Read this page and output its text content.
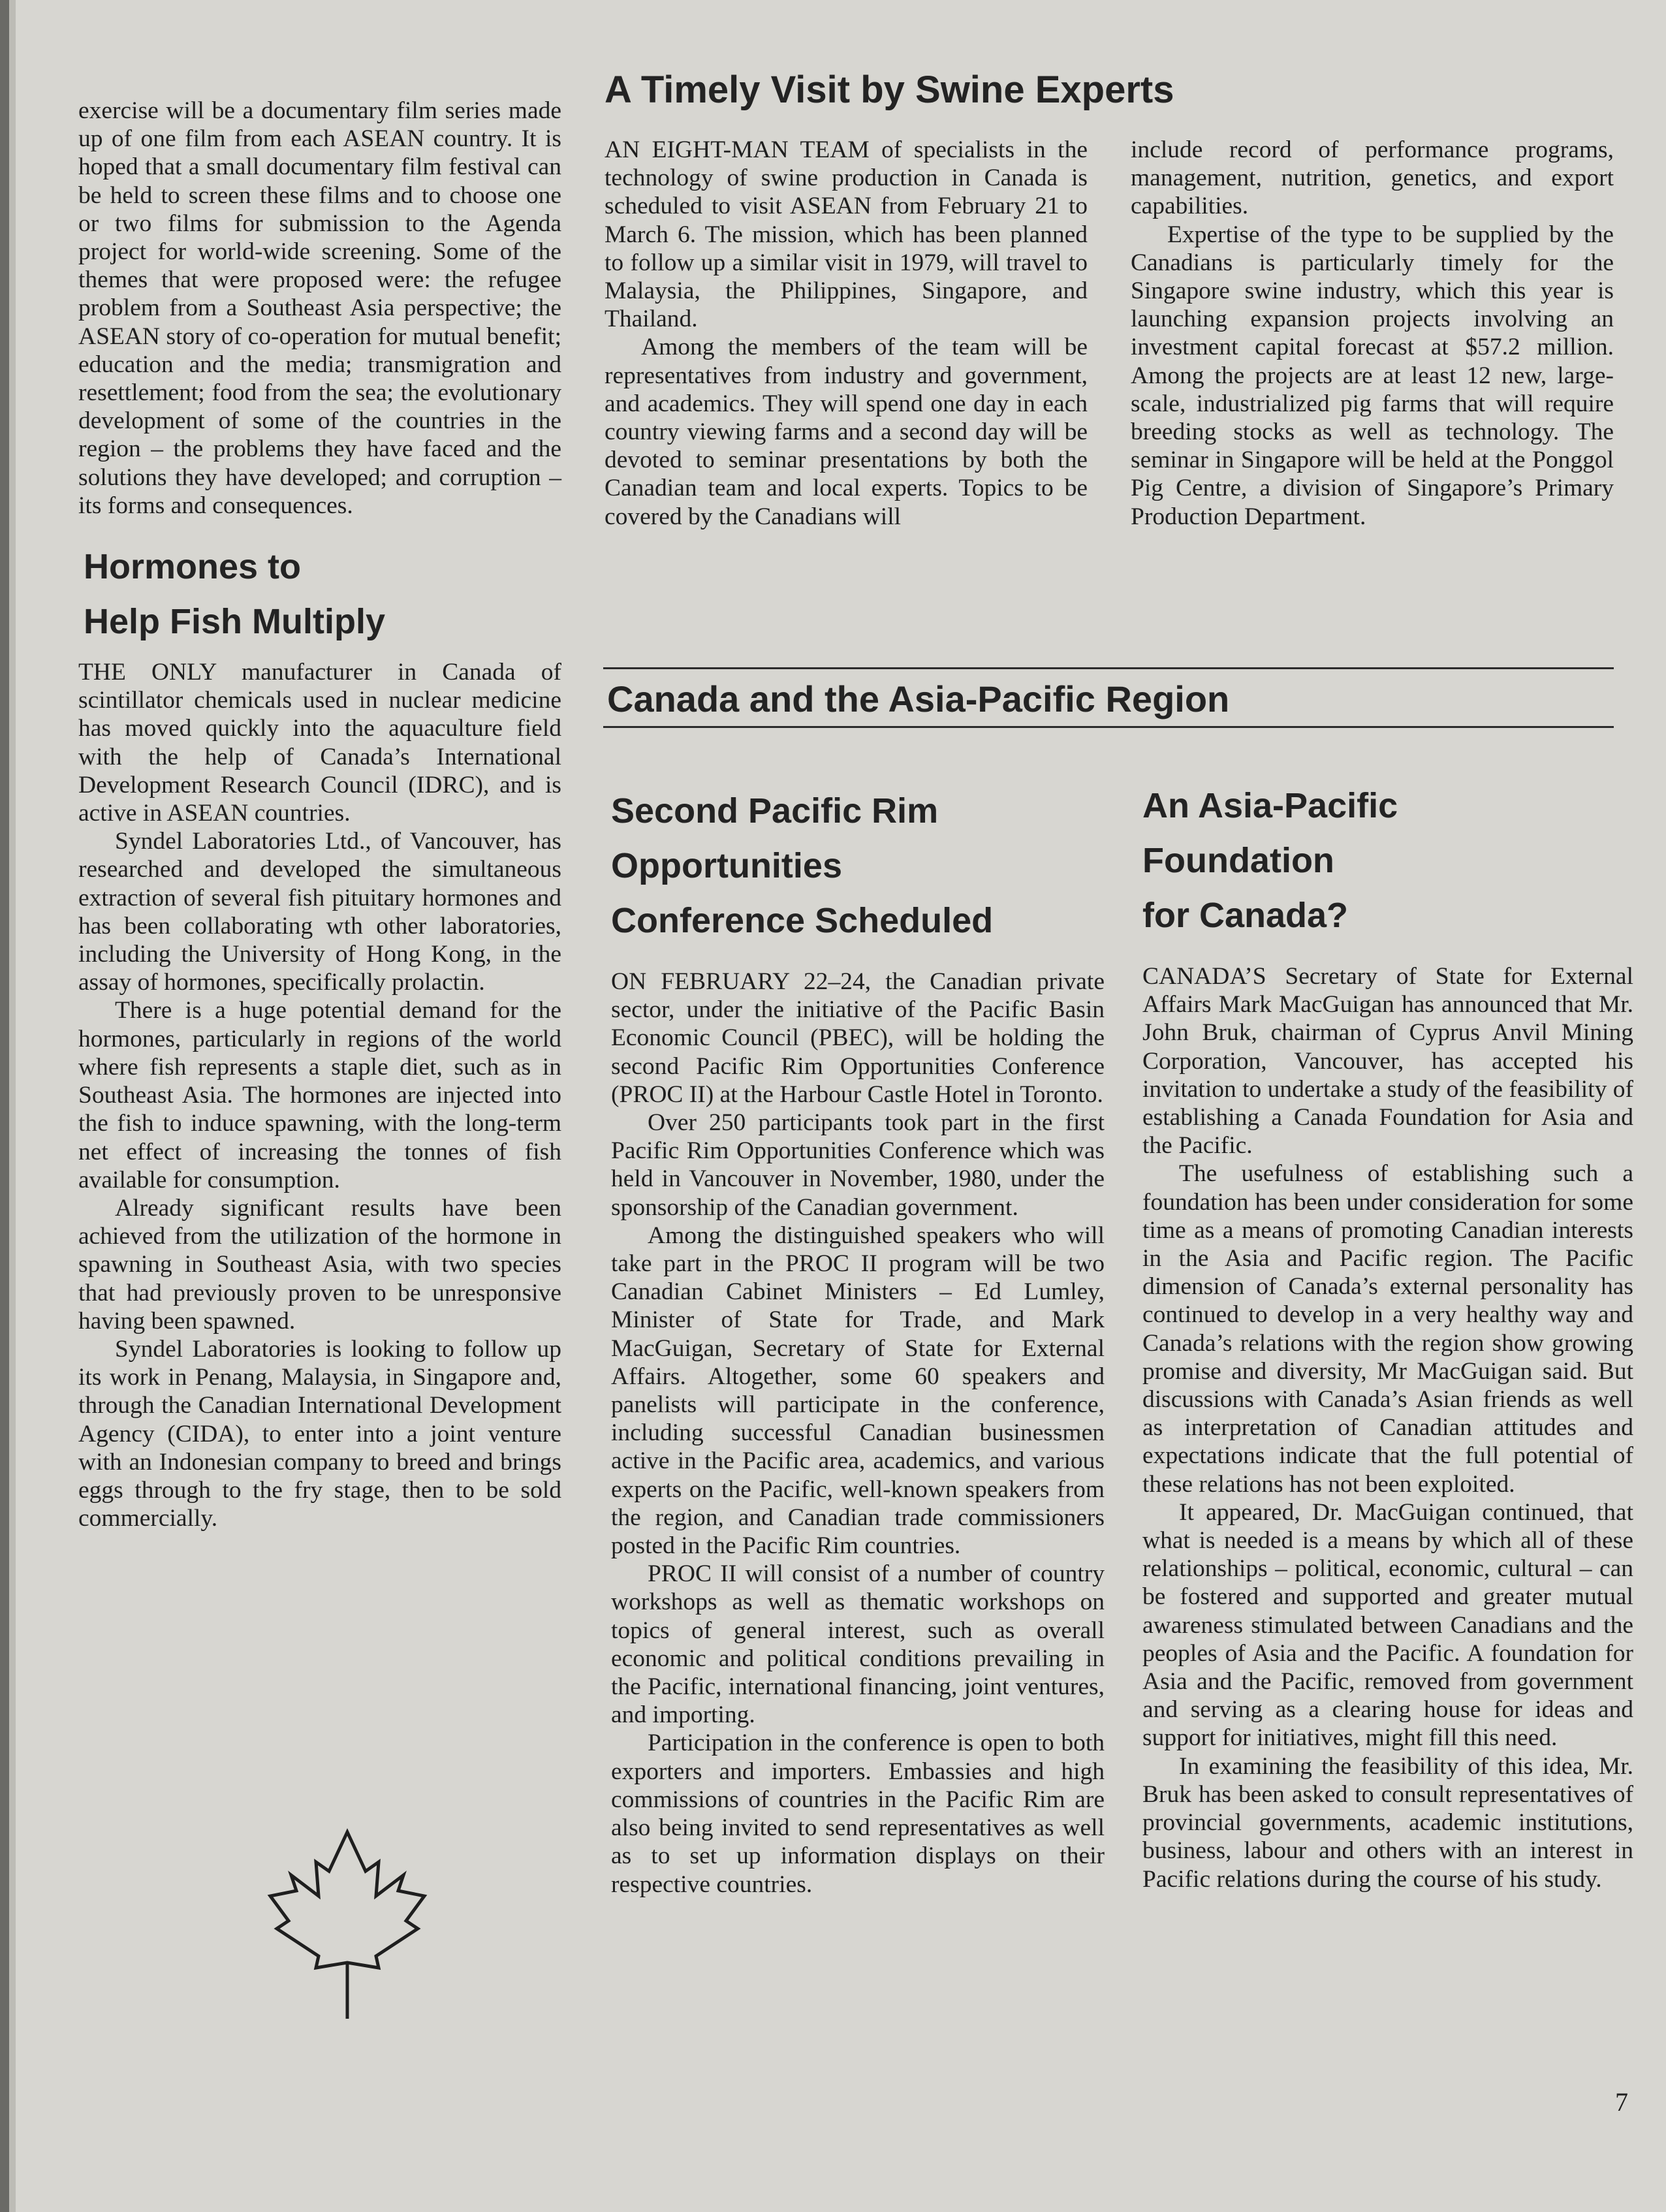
exercise will be a documentary film series made up of one film from each ASEAN country. It is hoped that a small documentary film festival can be held to screen these films and to choose one or two films for submission to the Agenda project for world-wide screening. Some of the themes that were proposed were: the refugee problem from a Southeast Asia perspective; the ASEAN story of co-operation for mutual benefit; education and the media; transmigration and resettlement; food from the sea; the evolutionary development of some of the countries in the region – the problems they have faced and the solutions they have developed; and corruption – its forms and consequences.

Hormones to
Help Fish Multiply

THE ONLY manufacturer in Canada of scintillator chemicals used in nuclear medicine has moved quickly into the aquaculture field with the help of Canada’s International Development Research Council (IDRC), and is active in ASEAN countries.

Syndel Laboratories Ltd., of Vancouver, has researched and developed the simultaneous extraction of several fish pituitary hormones and has been collaborating wth other laboratories, including the University of Hong Kong, in the assay of hormones, specifically prolactin.

There is a huge potential demand for the hormones, particularly in regions of the world where fish represents a staple diet, such as in Southeast Asia. The hormones are injected into the fish to induce spawning, with the long-term net effect of increasing the tonnes of fish available for consumption.

Already significant results have been achieved from the utilization of the hormone in spawning in Southeast Asia, with two species that had previously proven to be unresponsive having been spawned.

Syndel Laboratories is looking to follow up its work in Penang, Malaysia, in Singapore and, through the Canadian International Development Agency (CIDA), to enter into a joint venture with an Indonesian company to breed and brings eggs through to the fry stage, then to be sold commercially.

A Timely Visit by Swine Experts

AN EIGHT-MAN TEAM of specialists in the technology of swine production in Canada is scheduled to visit ASEAN from February 21 to March 6. The mission, which has been planned to follow up a similar visit in 1979, will travel to Malaysia, the Philippines, Singapore, and Thailand.

Among the members of the team will be representatives from industry and government, and academics. They will spend one day in each country viewing farms and a second day will be devoted to seminar presentations by both the Canadian team and local experts. Topics to be covered by the Canadians will

include record of performance programs, management, nutrition, genetics, and export capabilities.

Expertise of the type to be supplied by the Canadians is particularly timely for the Singapore swine industry, which this year is launching expansion projects involving an investment capital forecast at $57.2 million. Among the projects are at least 12 new, large-scale, industrialized pig farms that will require breeding stocks as well as technology. The seminar in Singapore will be held at the Ponggol Pig Centre, a division of Singapore’s Primary Production Department.

Canada and the Asia-Pacific Region
Second Pacific Rim
Opportunities
Conference Scheduled

ON FEBRUARY 22–24, the Canadian private sector, under the initiative of the Pacific Basin Economic Council (PBEC), will be holding the second Pacific Rim Opportunities Conference (PROC II) at the Harbour Castle Hotel in Toronto.

Over 250 participants took part in the first Pacific Rim Opportunities Conference which was held in Vancouver in November, 1980, under the sponsorship of the Canadian government.

Among the distinguished speakers who will take part in the PROC II program will be two Canadian Cabinet Ministers – Ed Lumley, Minister of State for Trade, and Mark MacGuigan, Secretary of State for External Affairs. Altogether, some 60 speakers and panelists will participate in the conference, including successful Canadian businessmen active in the Pacific area, academics, and various experts on the Pacific, well-known speakers from the region, and Canadian trade commissioners posted in the Pacific Rim countries.

PROC II will consist of a number of country workshops as well as thematic workshops on topics of general interest, such as overall economic and political conditions prevailing in the Pacific, international financing, joint ventures, and importing.

Participation in the conference is open to both exporters and importers. Embassies and high commissions of countries in the Pacific Rim are also being invited to send representatives as well as to set up information displays on their respective countries.

An Asia-Pacific
Foundation
for Canada?

CANADA’S Secretary of State for External Affairs Mark MacGuigan has announced that Mr. John Bruk, chairman of Cyprus Anvil Mining Corporation, Vancouver, has accepted his invitation to undertake a study of the feasibility of establishing a Canada Foundation for Asia and the Pacific.

The usefulness of establishing such a foundation has been under consideration for some time as a means of promoting Canadian interests in the Asia and Pacific region. The Pacific dimension of Canada’s external personality has continued to develop in a very healthy way and Canada’s relations with the region show growing promise and diversity, Mr MacGuigan said. But discussions with Canada’s Asian friends as well as interpretation of Canadian attitudes and expectations indicate that the full potential of these relations has not been exploited.

It appeared, Dr. MacGuigan continued, that what is needed is a means by which all of these relationships – political, economic, cultural – can be fostered and supported and greater mutual awareness stimulated between Canadians and the peoples of Asia and the Pacific. A foundation for Asia and the Pacific, removed from government and serving as a clearing house for ideas and support for initiatives, might fill this need.

In examining the feasibility of this idea, Mr. Bruk has been asked to consult representatives of provincial governments, academic institutions, business, labour and others with an interest in Pacific relations during the course of his study.

7
